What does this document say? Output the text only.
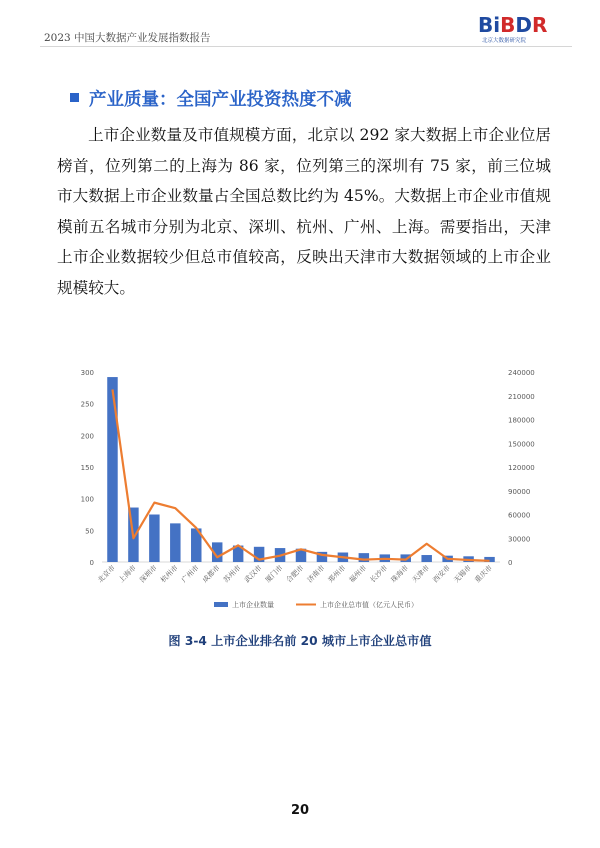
2023 中国大数据产业发展指数报告
BiBDR
北京大数据研究院
产业质量：全国产业投资热度不减
上市企业数量及市值规模方面，北京以 292 家大数据上市企业位居榜首，位列第二的上海为 86 家，位列第三的深圳有 75 家，前三位城市大数据上市企业数量占全国总数比约为 45%。大数据上市企业市值规模前五名城市分别为北京、深圳、杭州、广州、上海。需要指出，天津上市企业数据较少但总市值较高，反映出天津市大数据领域的上市企业规模较大。
0
50
100
150
200
250
300
0
30000
60000
90000
120000
150000
180000
210000
240000
北京市 上海市 深圳市 杭州市 广州市 成都市 苏州市 武汉市 厦门市 合肥市 济南市 郑州市 福州市 长沙市 珠海市 天津市 西安市 无锡市 重庆市
上市企业数量	上市企业总市值（亿元人民币）
图 3-4 上市企业排名前 20 城市上市企业总市值
20
